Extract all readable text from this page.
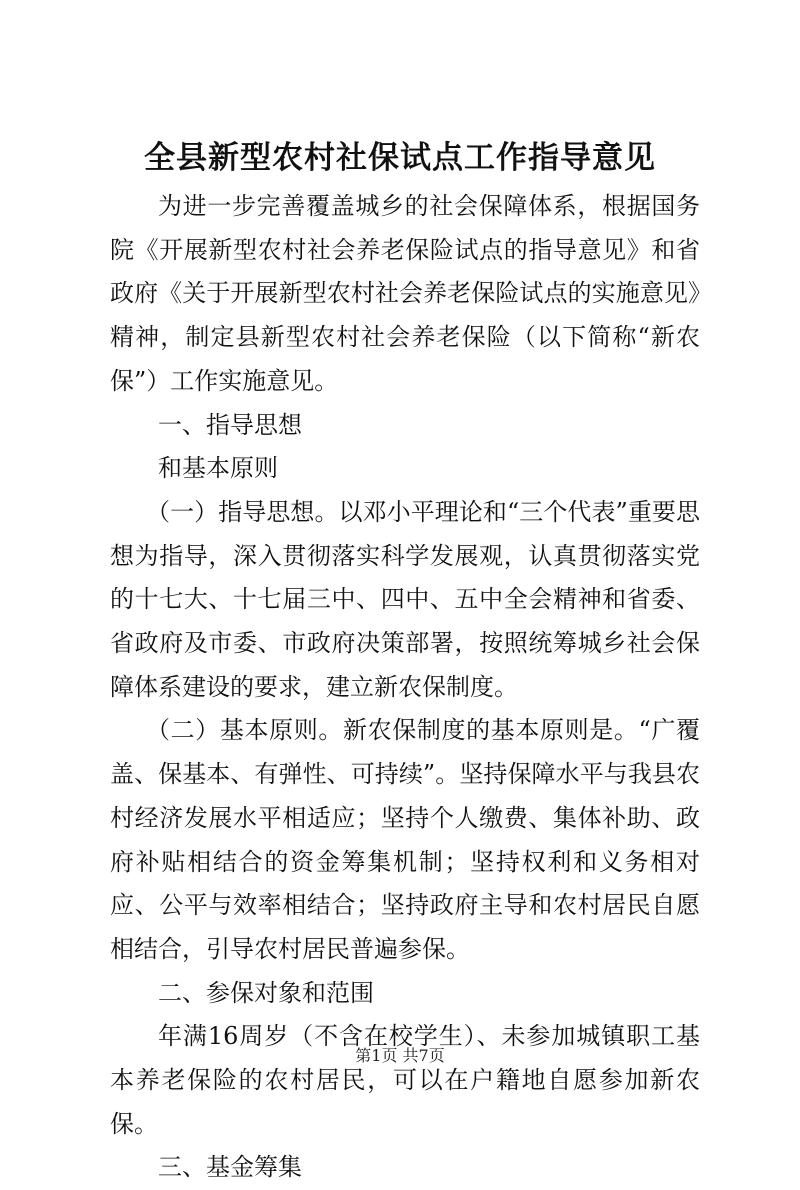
全县新型农村社保试点工作指导意见

为进一步完善覆盖城乡的社会保障体系，根据国务院《开展新型农村社会养老保险试点的指导意见》和省政府《关于开展新型农村社会养老保险试点的实施意见》精神，制定县新型农村社会养老保险（以下简称“新农保”）工作实施意见。

一、指导思想

和基本原则

（一）指导思想。以邓小平理论和“三个代表”重要思想为指导，深入贯彻落实科学发展观，认真贯彻落实党的十七大、十七届三中、四中、五中全会精神和省委、省政府及市委、市政府决策部署，按照统筹城乡社会保障体系建设的要求，建立新农保制度。

（二）基本原则。新农保制度的基本原则是。“广覆盖、保基本、有弹性、可持续”。坚持保障水平与我县农村经济发展水平相适应；坚持个人缴费、集体补助、政府补贴相结合的资金筹集机制；坚持权利和义务相对应、公平与效率相结合；坚持政府主导和农村居民自愿相结合，引导农村居民普遍参保。

二、参保对象和范围

年满16周岁（不含在校学生）、未参加城镇职工基本养老保险的农村居民，可以在户籍地自愿参加新农保。

三、基金筹集

第1页 共7页
